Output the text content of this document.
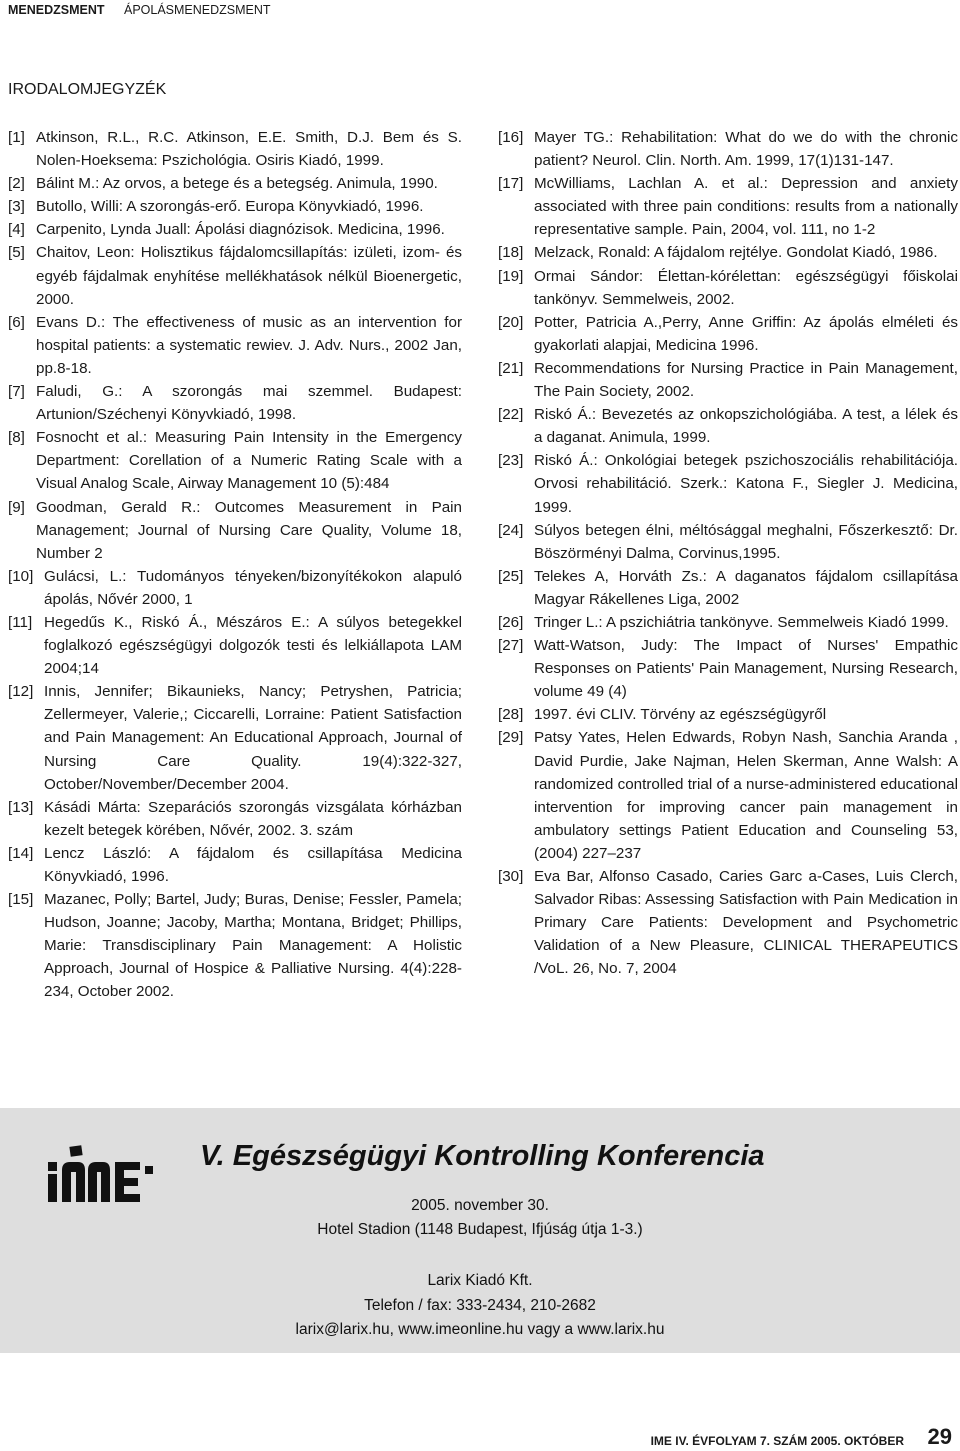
MENEDZSMENT ÁPOLÁSMENEDZSMENT
IRODALOMJEGYZÉK
[1] Atkinson, R.L., R.C. Atkinson, E.E. Smith, D.J. Bem és S. Nolen-Hoeksema: Pszichológia. Osiris Kiadó, 1999.
[2] Bálint M.: Az orvos, a betege és a betegség. Animula, 1990.
[3] Butollo, Willi: A szorongás-erő. Europa Könyvkiadó, 1996.
[4] Carpenito, Lynda Juall: Ápolási diagnózisok. Medicina, 1996.
[5] Chaitov, Leon: Holisztikus fájdalomcsillapítás: izületi, izom- és egyéb fájdalmak enyhítése mellékhatások nélkül Bioenergetic, 2000.
[6] Evans D.: The effectiveness of music as an intervention for hospital patients: a systematic rewiev. J. Adv. Nurs., 2002 Jan, pp.8-18.
[7] Faludi, G.: A szorongás mai szemmel. Budapest: Artunion/Széchenyi Könyvkiadó, 1998.
[8] Fosnocht et al.: Measuring Pain Intensity in the Emergency Department: Corellation of a Numeric Rating Scale with a Visual Analog Scale, Airway Management 10 (5):484
[9] Goodman, Gerald R.: Outcomes Measurement in Pain Management; Journal of Nursing Care Quality, Volume 18, Number 2
[10] Gulácsi, L.: Tudományos tényeken/bizonyítékokon alapuló ápolás, Nővér 2000, 1
[11] Hegedűs K., Riskó Á., Mészáros E.: A súlyos betegekkel foglalkozó egészségügyi dolgozók testi és lelkiállapota LAM 2004;14
[12] Innis, Jennifer; Bikaunieks, Nancy; Petryshen, Patricia; Zellermeyer, Valerie,; Ciccarelli, Lorraine: Patient Satisfaction and Pain Management: An Educational Approach, Journal of Nursing Care Quality. 19(4):322-327, October/November/December 2004.
[13] Kásádi Márta: Szeparációs szorongás vizsgálata kórházban kezelt betegek körében, Nővér, 2002. 3. szám
[14] Lencz László: A fájdalom és csillapítása Medicina Könyvkiadó, 1996.
[15] Mazanec, Polly; Bartel, Judy; Buras, Denise; Fessler, Pamela; Hudson, Joanne; Jacoby, Martha; Montana, Bridget; Phillips, Marie: Transdisciplinary Pain Management: A Holistic Approach, Journal of Hospice & Palliative Nursing. 4(4):228-234, October 2002.
[16] Mayer TG.: Rehabilitation: What do we do with the chronic patient? Neurol. Clin. North. Am. 1999, 17(1)131-147.
[17] McWilliams, Lachlan A. et al.: Depression and anxiety associated with three pain conditions: results from a nationally representative sample. Pain, 2004, vol. 111, no 1-2
[18] Melzack, Ronald: A fájdalom rejtélye. Gondolat Kiadó, 1986.
[19] Ormai Sándor: Élettan-kórélettan: egészségügyi főiskolai tankönyv. Semmelweis, 2002.
[20] Potter, Patricia A.,Perry, Anne Griffin: Az ápolás elméleti és gyakorlati alapjai, Medicina 1996.
[21] Recommendations for Nursing Practice in Pain Management, The Pain Society, 2002.
[22] Riskó Á.: Bevezetés az onkopszichológiába. A test, a lélek és a daganat. Animula, 1999.
[23] Riskó Á.: Onkológiai betegek pszichoszociális rehabilitációja. Orvosi rehabilitáció. Szerk.: Katona F., Siegler J. Medicina, 1999.
[24] Súlyos betegen élni, méltósággal meghalni, Főszerkesztő: Dr. Böszörményi Dalma, Corvinus,1995.
[25] Telekes A, Horváth Zs.: A daganatos fájdalom csillapítása Magyar Rákellenes Liga, 2002
[26] Tringer L.: A pszichiátria tankönyve. Semmelweis Kiadó 1999.
[27] Watt-Watson, Judy: The Impact of Nurses' Empathic Responses on Patients' Pain Management, Nursing Research, volume 49 (4)
[28] 1997. évi CLIV. Törvény az egészségügyről
[29] Patsy Yates, Helen Edwards, Robyn Nash, Sanchia Aranda , David Purdie, Jake Najman, Helen Skerman, Anne Walsh: A randomized controlled trial of a nurse-administered educational intervention for improving cancer pain management in ambulatory settings Patient Education and Counseling 53, (2004) 227–237
[30] Eva Bar, Alfonso Casado, Caries Garc a-Cases, Luis Clerch, Salvador Ribas: Assessing Satisfaction with Pain Medication in Primary Care Patients: Development and Psychometric Validation of a New Pleasure, CLINICAL THERAPEUTICS /VoL. 26, No. 7, 2004
V. Egészségügyi Kontrolling Konferencia
2005. november 30.
Hotel Stadion (1148 Budapest, Ifjúság útja 1-3.)
Larix Kiadó Kft.
Telefon / fax: 333-2434, 210-2682
larix@larix.hu, www.imeonline.hu vagy a www.larix.hu
IME IV. ÉVFOLYAM 7. SZÁM 2005. OKTÓBER 29
